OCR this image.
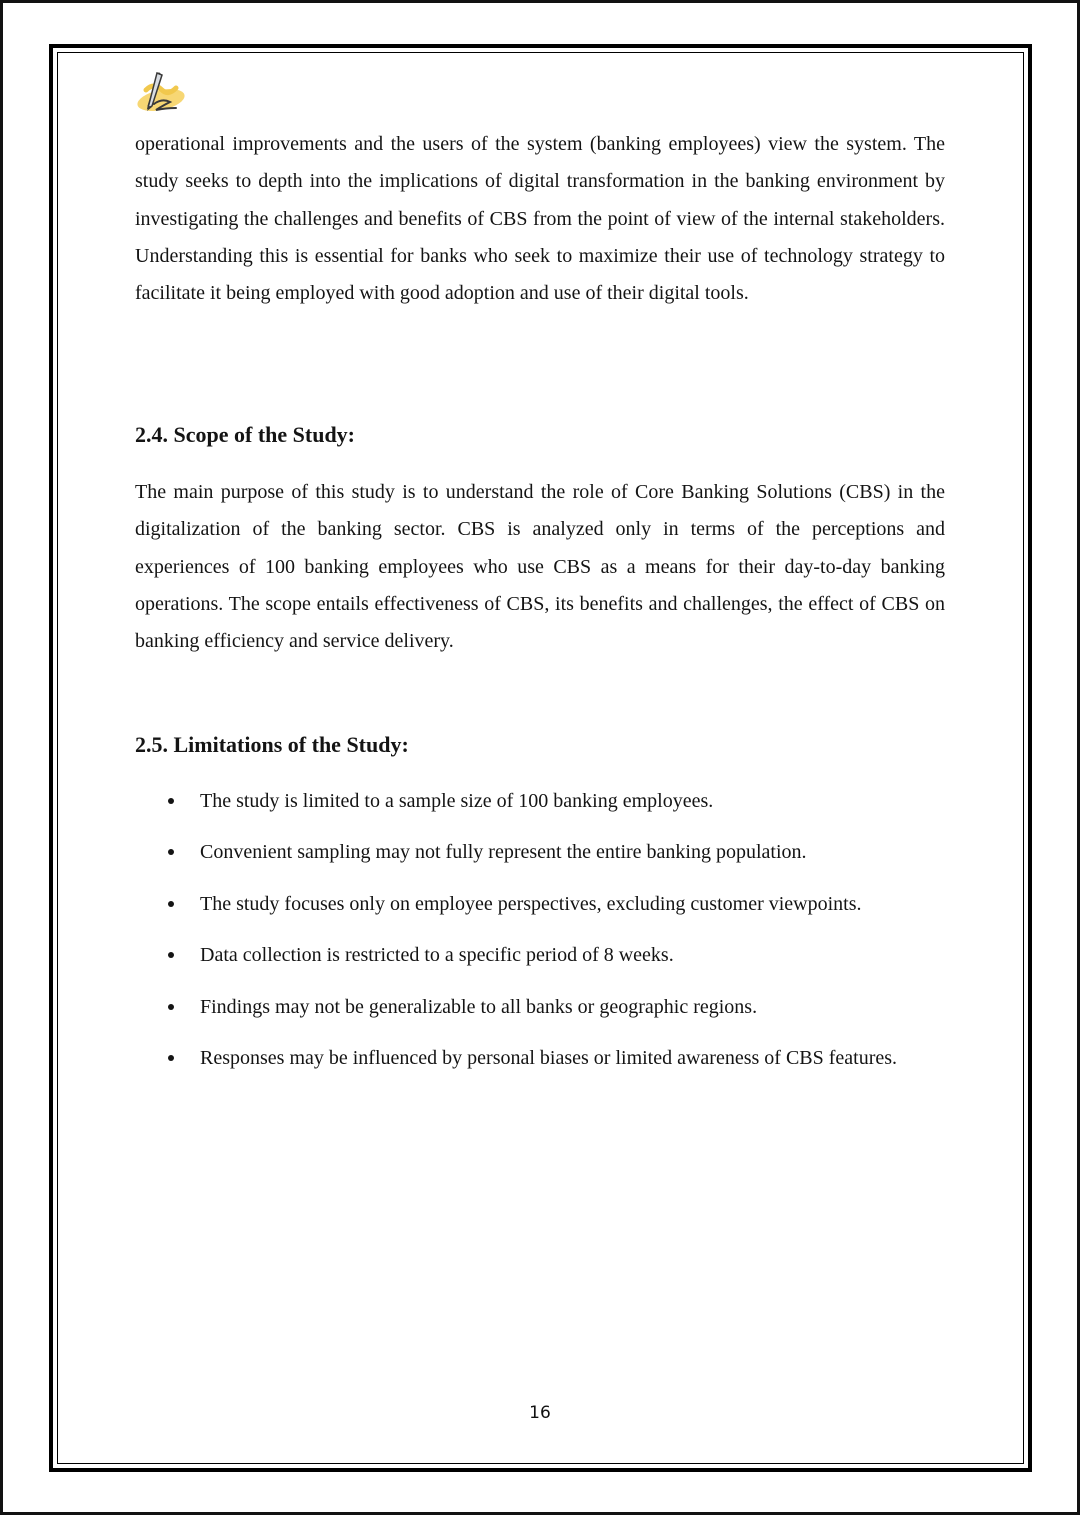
operational improvements and the users of the system (banking employees) view the system. The study seeks to depth into the implications of digital transformation in the banking environment by investigating the challenges and benefits of CBS from the point of view of the internal stakeholders. Understanding this is essential for banks who seek to maximize their use of technology strategy to facilitate it being employed with good adoption and use of their digital tools.

2.4. Scope of the Study:

The main purpose of this study is to understand the role of Core Banking Solutions (CBS) in the digitalization of the banking sector. CBS is analyzed only in terms of the perceptions and experiences of 100 banking employees who use CBS as a means for their day-to-day banking operations. The scope entails effectiveness of CBS, its benefits and challenges, the effect of CBS on banking efficiency and service delivery.

2.5. Limitations of the Study:
The study is limited to a sample size of 100 banking employees.
Convenient sampling may not fully represent the entire banking population.
The study focuses only on employee perspectives, excluding customer viewpoints.
Data collection is restricted to a specific period of 8 weeks.
Findings may not be generalizable to all banks or geographic regions.
Responses may be influenced by personal biases or limited awareness of CBS features.
16
